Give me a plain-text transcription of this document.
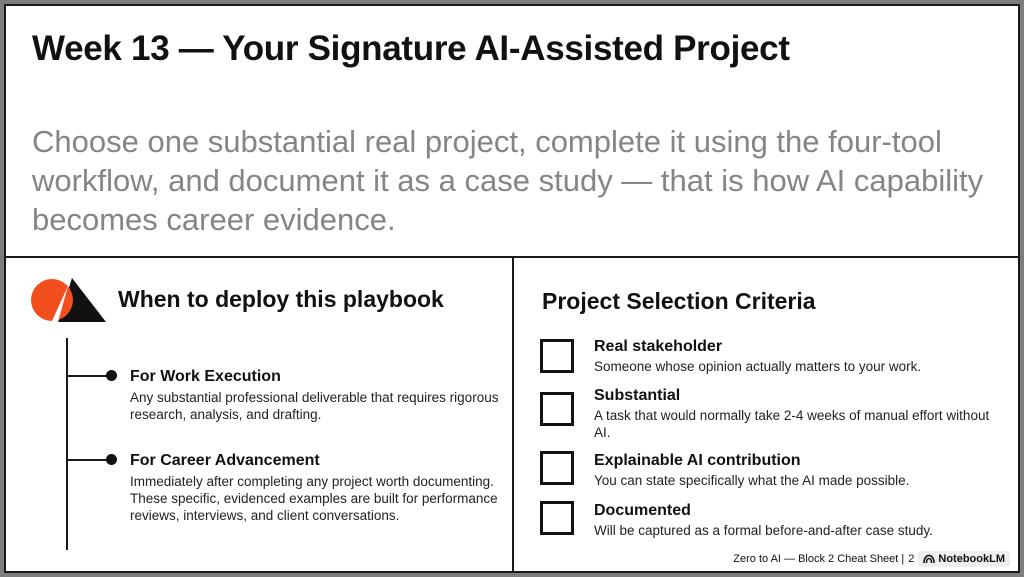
Week 13 — Your Signature AI-Assisted Project

Choose one substantial real project, complete it using the four-tool workflow, and document it as a case study — that is how AI capability becomes career evidence.

When to deploy this playbook

For Work Execution

Any substantial professional deliverable that requires rigorous research, analysis, and drafting.

For Career Advancement

Immediately after completing any project worth documenting. These specific, evidenced examples are built for performance reviews, interviews, and client conversations.

Project Selection Criteria

Real stakeholder

Someone whose opinion actually matters to your work.

Substantial

A task that would normally take 2-4 weeks of manual effort without AI.

Explainable AI contribution

You can state specifically what the AI made possible.

Documented

Will be captured as a formal before-and-after case study.

Zero to AI — Block 2 Cheat Sheet | 2 NotebookLM
